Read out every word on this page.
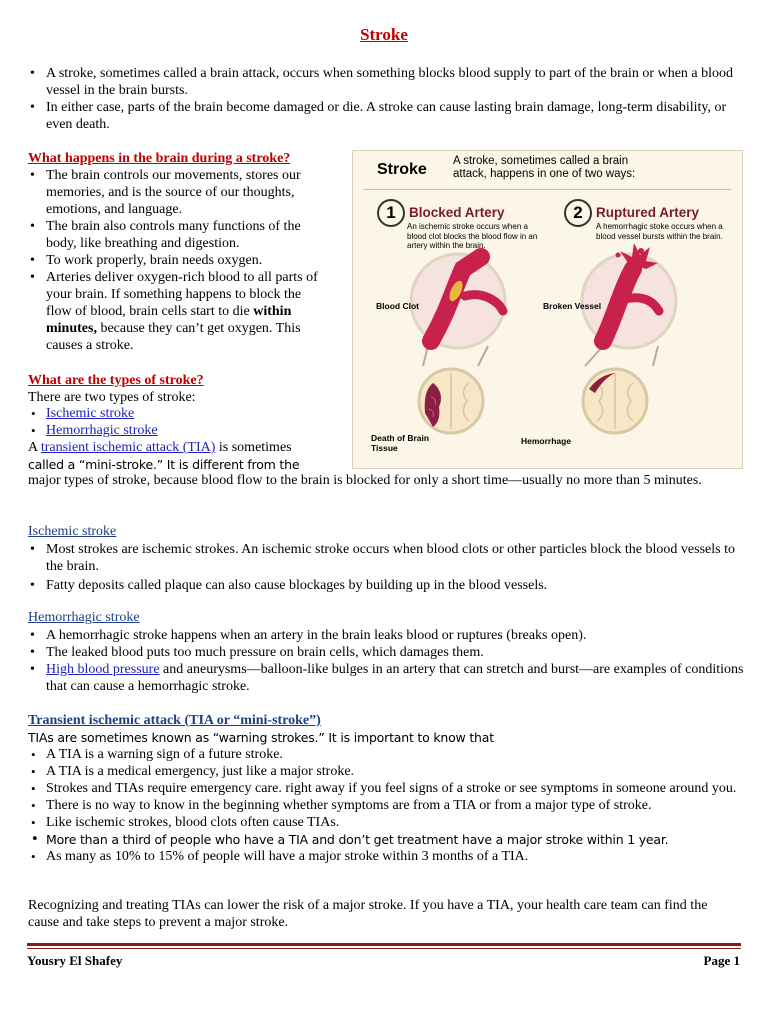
Stroke
• A stroke, sometimes called a brain attack, occurs when something blocks blood supply to part of the brain or when a blood vessel in the brain bursts.
• In either case, parts of the brain become damaged or die. A stroke can cause lasting brain damage, long-term disability, or even death.
What happens in the brain during a stroke?
• The brain controls our movements, stores our memories, and is the source of our thoughts, emotions, and language.
• The brain also controls many functions of the body, like breathing and digestion.
• To work properly, brain needs oxygen.
• Arteries deliver oxygen-rich blood to all parts of your brain. If something happens to block the flow of blood, brain cells start to die within minutes, because they can’t get oxygen. This causes a stroke.
What are the types of stroke?
There are two types of stroke:
• Ischemic stroke
• Hemorrhagic stroke
A transient ischemic attack (TIA) is sometimes
called a “mini-stroke.” It is different from the
major types of stroke, because blood flow to the brain is blocked for only a short time—usually no more than 5 minutes.
Ischemic stroke
• Most strokes are ischemic strokes. An ischemic stroke occurs when blood clots or other particles block the blood vessels to the brain.
• Fatty deposits called plaque can also cause blockages by building up in the blood vessels.
Hemorrhagic stroke
• A hemorrhagic stroke happens when an artery in the brain leaks blood or ruptures (breaks open).
• The leaked blood puts too much pressure on brain cells, which damages them.
• High blood pressure and aneurysms—balloon-like bulges in an artery that can stretch and burst—are examples of conditions that can cause a hemorrhagic stroke.
Transient ischemic attack (TIA or “mini-stroke”)
TIAs are sometimes known as “warning strokes.” It is important to know that
• A TIA is a warning sign of a future stroke.
• A TIA is a medical emergency, just like a major stroke.
• Strokes and TIAs require emergency care. right away if you feel signs of a stroke or see symptoms in someone around you.
• There is no way to know in the beginning whether symptoms are from a TIA or from a major type of stroke.
• Like ischemic strokes, blood clots often cause TIAs.
• More than a third of people who have a TIA and don’t get treatment have a major stroke within 1 year.
• As many as 10% to 15% of people will have a major stroke within 3 months of a TIA.
Recognizing and treating TIAs can lower the risk of a major stroke. If you have a TIA, your health care team can find the cause and take steps to prevent a major stroke.
Yousry El Shafey	Page 1
Stroke A stroke, sometimes called a brain attack, happens in one of two ways:
1 Blocked Artery
An ischemic stroke occurs when a blood clot blocks the blood flow in an artery within the brain.
2 Ruptured Artery
A hemorrhagic stoke occurs when a blood vessel bursts within the brain.
Blood Clot
Death of Brain Tissue
Broken Vessel
Hemorrhage
